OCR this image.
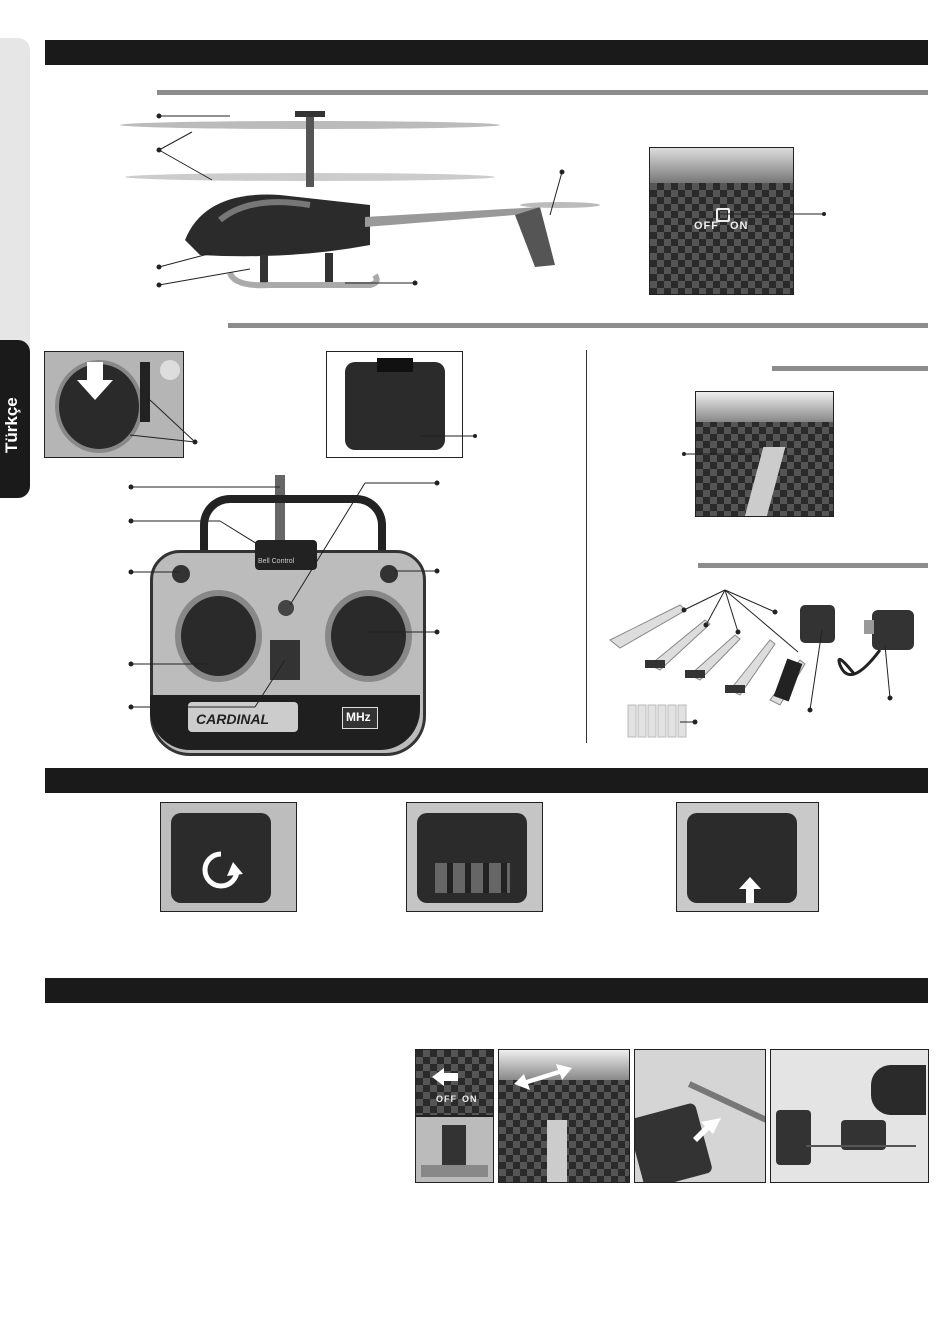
Türkçe
OFF ON
Bell Control
CARDINAL	MHz
OFF ON
